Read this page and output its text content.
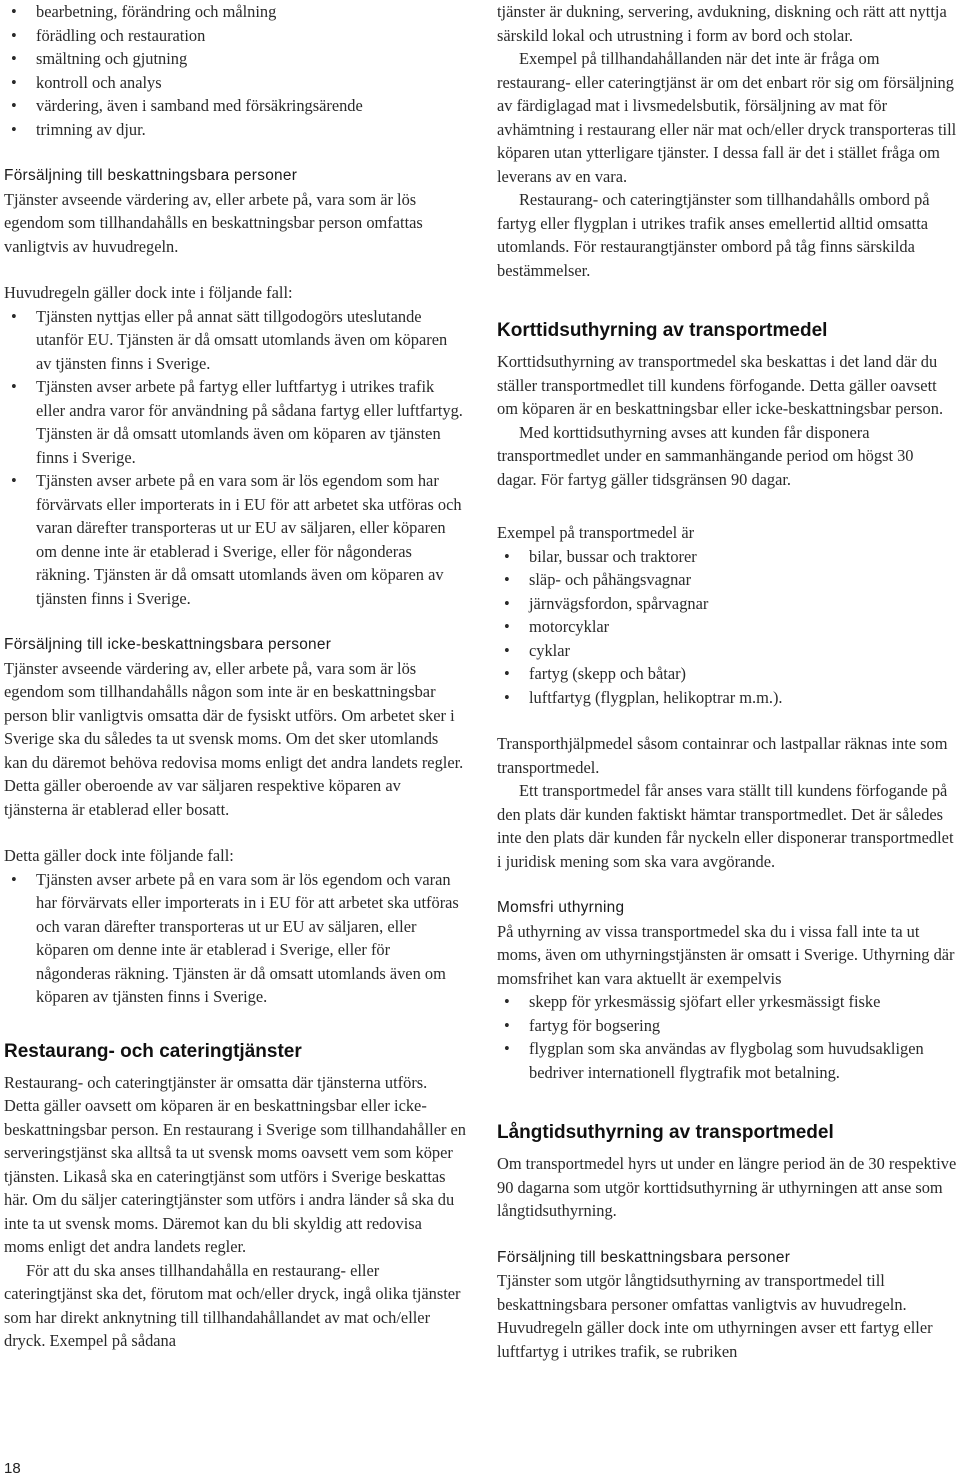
• bearbetning, förändring och målning
• förädling och restauration
• smältning och gjutning
• kontroll och analys
• värdering, även i samband med försäkringsärende
• trimning av djur.
Försäljning till beskattningsbara personer

Tjänster avseende värdering av, eller arbete på, vara som är lös egendom som tillhandahålls en beskattningsbar person omfattas vanligtvis av huvudregeln.

Huvudregeln gäller dock inte i följande fall:

• Tjänsten nyttjas eller på annat sätt tillgodogörs uteslutande utanför EU. Tjänsten är då omsatt utomlands även om köparen av tjänsten finns i Sverige.
• Tjänsten avser arbete på fartyg eller luftfartyg i utrikes trafik eller andra varor för användning på sådana fartyg eller luftfartyg. Tjänsten är då omsatt utomlands även om köparen av tjänsten finns i Sverige.
• Tjänsten avser arbete på en vara som är lös egendom som har förvärvats eller importerats in i EU för att arbetet ska utföras och varan därefter transporteras ut ur EU av säljaren, eller köparen om denne inte är etablerad i Sverige, eller för någonderas räkning. Tjänsten är då omsatt utomlands även om köparen av tjänsten finns i Sverige.
Försäljning till icke-beskattningsbara personer

Tjänster avseende värdering av, eller arbete på, vara som är lös egendom som tillhandahålls någon som inte är en beskattningsbar person blir vanligtvis omsatta där de fysiskt utförs. Om arbetet sker i Sverige ska du således ta ut svensk moms. Om det sker utomlands kan du däremot behöva redovisa moms enligt det andra landets regler. Detta gäller oberoende av var säljaren respektive köparen av tjänsterna är etablerad eller bosatt.

Detta gäller dock inte följande fall:

• Tjänsten avser arbete på en vara som är lös egendom och varan har förvärvats eller importerats in i EU för att arbetet ska utföras och varan därefter transporteras ut ur EU av säljaren, eller köparen om denne inte är etablerad i Sverige, eller för någonderas räkning. Tjänsten är då omsatt utomlands även om köparen av tjänsten finns i Sverige.
Restaurang- och cateringtjänster

Restaurang- och cateringtjänster är omsatta där tjänsterna utförs. Detta gäller oavsett om köparen är en beskattningsbar eller icke-beskattningsbar person. En restaurang i Sverige som tillhandahåller en serveringstjänst ska alltså ta ut svensk moms oavsett vem som köper tjänsten. Likaså ska en cateringtjänst som utförs i Sverige beskattas här. Om du säljer cateringtjänster som utförs i andra länder så ska du inte ta ut svensk moms. Däremot kan du bli skyldig att redovisa moms enligt det andra landets regler.

För att du ska anses tillhandahålla en restaurang- eller cateringtjänst ska det, förutom mat och/eller dryck, ingå olika tjänster som har direkt anknytning till tillhandahållandet av mat och/eller dryck. Exempel på sådana

tjänster är dukning, servering, avdukning, diskning och rätt att nyttja särskild lokal och utrustning i form av bord och stolar.

Exempel på tillhandahållanden när det inte är fråga om restaurang- eller cateringtjänst är om det enbart rör sig om försäljning av färdiglagad mat i livsmedelsbutik, försäljning av mat för avhämtning i restaurang eller när mat och/eller dryck transporteras till köparen utan ytterligare tjänster. I dessa fall är det i stället fråga om leverans av en vara.

Restaurang- och cateringtjänster som tillhandahålls ombord på fartyg eller flygplan i utrikes trafik anses emellertid alltid omsatta utomlands. För restaurangtjänster ombord på tåg finns särskilda bestämmelser.

Korttidsuthyrning av transportmedel

Korttidsuthyrning av transportmedel ska beskattas i det land där du ställer transportmedlet till kundens förfogande. Detta gäller oavsett om köparen är en beskattningsbar eller icke-beskattningsbar person.

Med korttidsuthyrning avses att kunden får disponera transportmedlet under en sammanhängande period om högst 30 dagar. För fartyg gäller tidsgränsen 90 dagar.

Exempel på transportmedel är

• bilar, bussar och traktorer
• släp- och påhängsvagnar
• järnvägsfordon, spårvagnar
• motorcyklar
• cyklar
• fartyg (skepp och båtar)
• luftfartyg (flygplan, helikoptrar m.m.).

Transporthjälpmedel såsom containrar och lastpallar räknas inte som transportmedel.

Ett transportmedel får anses vara ställt till kundens förfogande på den plats där kunden faktiskt hämtar transportmedlet. Det är således inte den plats där kunden får nyckeln eller disponerar transportmedlet i juridisk mening som ska vara avgörande.

Momsfri uthyrning

På uthyrning av vissa transportmedel ska du i vissa fall inte ta ut moms, även om uthyrningstjänsten är omsatt i Sverige. Uthyrning där momsfrihet kan vara aktuellt är exempelvis

• skepp för yrkesmässig sjöfart eller yrkesmässigt fiske
• fartyg för bogsering
• flygplan som ska användas av flygbolag som huvudsakligen bedriver internationell flygtrafik mot betalning.
Långtidsuthyrning av transportmedel

Om transportmedel hyrs ut under en längre period än de 30 respektive 90 dagarna som utgör korttidsuthyrning är uthyrningen att anse som långtidsuthyrning.

Försäljning till beskattningsbara personer

Tjänster som utgör långtidsuthyrning av transportmedel till beskattningsbara personer omfattas vanligtvis av huvudregeln. Huvudregeln gäller dock inte om uthyrningen avser ett fartyg eller luftfartyg i utrikes trafik, se rubriken

18
